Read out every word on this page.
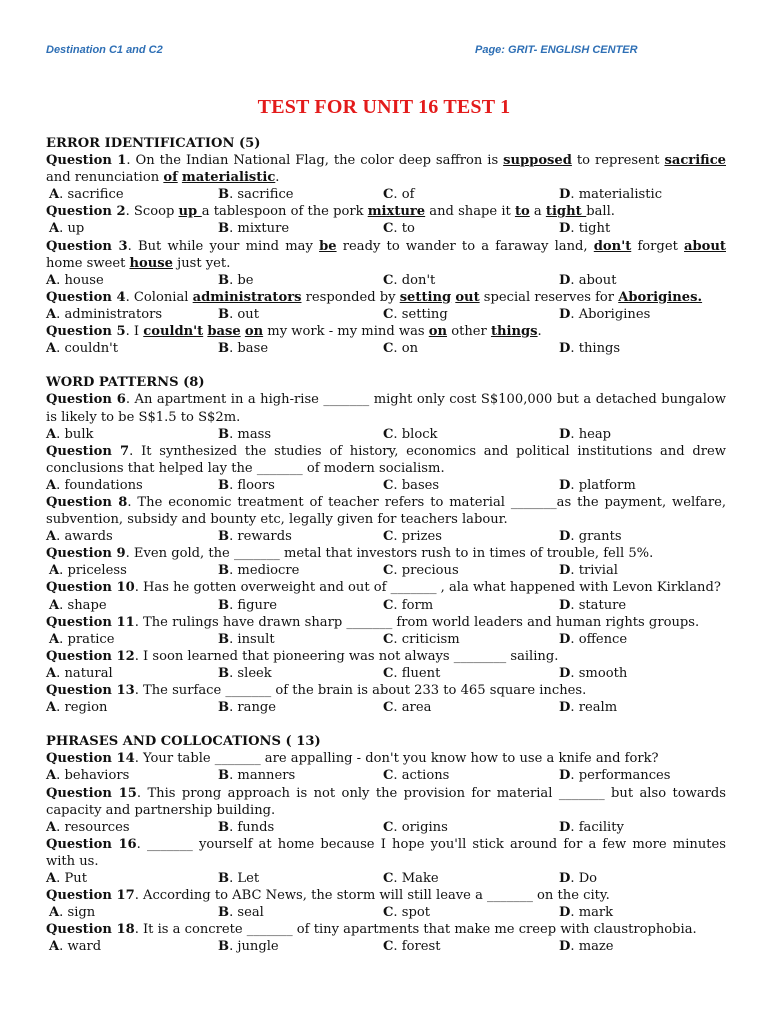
Destination C1 and C2	Page: GRIT- ENGLISH CENTER
TEST FOR UNIT 16 TEST 1
ERROR IDENTIFICATION (5)
Question 1. On the Indian National Flag, the color deep saffron is supposed to represent sacrifice and renunciation of materialistic.
A. sacrifice	B. sacrifice	C. of	D. materialistic
Question 2. Scoop up a tablespoon of the pork mixture and shape it to a tight ball.
A. up	B. mixture	C. to	D. tight
Question 3. But while your mind may be ready to wander to a faraway land, don't forget about home sweet house just yet.
A. house	B. be	C. don't	D. about
Question 4. Colonial administrators responded by setting out special reserves for Aborigines.
A. administrators	B. out	C. setting	D. Aborigines
Question 5. I couldn't base on my work - my mind was on other things.
A. couldn't	B. base	C. on	D. things
WORD PATTERNS (8)
Question 6. An apartment in a high-rise _______ might only cost S$100,000 but a detached bungalow is likely to be S$1.5 to S$2m.
A. bulk	B. mass	C. block	D. heap
Question 7. It synthesized the studies of history, economics and political institutions and drew conclusions that helped lay the _______ of modern socialism.
A. foundations	B. floors	C. bases	D. platform
Question 8. The economic treatment of teacher refers to material _______as the payment, welfare, subvention, subsidy and bounty etc, legally given for teachers labour.
A. awards	B. rewards	C. prizes	D. grants
Question 9. Even gold, the _______ metal that investors rush to in times of trouble, fell 5%.
A. priceless	B. mediocre	C. precious	D. trivial
Question 10. Has he gotten overweight and out of _______ , ala what happened with Levon Kirkland?
A. shape	B. figure	C. form	D. stature
Question 11. The rulings have drawn sharp _______ from world leaders and human rights groups.
A. pratice	B. insult	C. criticism	D. offence
Question 12. I soon learned that pioneering was not always ________ sailing.
A. natural	B. sleek	C. fluent	D. smooth
Question 13. The surface _______ of the brain is about 233 to 465 square inches.
A. region	B. range	C. area	D. realm
PHRASES AND COLLOCATIONS ( 13)
Question 14. Your table _______ are appalling - don't you know how to use a knife and fork?
A. behaviors	B. manners	C. actions	D. performances
Question 15. This prong approach is not only the provision for material _______ but also towards capacity and partnership building.
A. resources	B. funds	C. origins	D. facility
Question 16. _______ yourself at home because I hope you'll stick around for a few more minutes with us.
A. Put	B. Let	C. Make	D. Do
Question 17. According to ABC News, the storm will still leave a _______ on the city.
A. sign	B. seal	C. spot	D. mark
Question 18. It is a concrete _______ of tiny apartments that make me creep with claustrophobia.
A. ward	B. jungle	C. forest	D. maze
